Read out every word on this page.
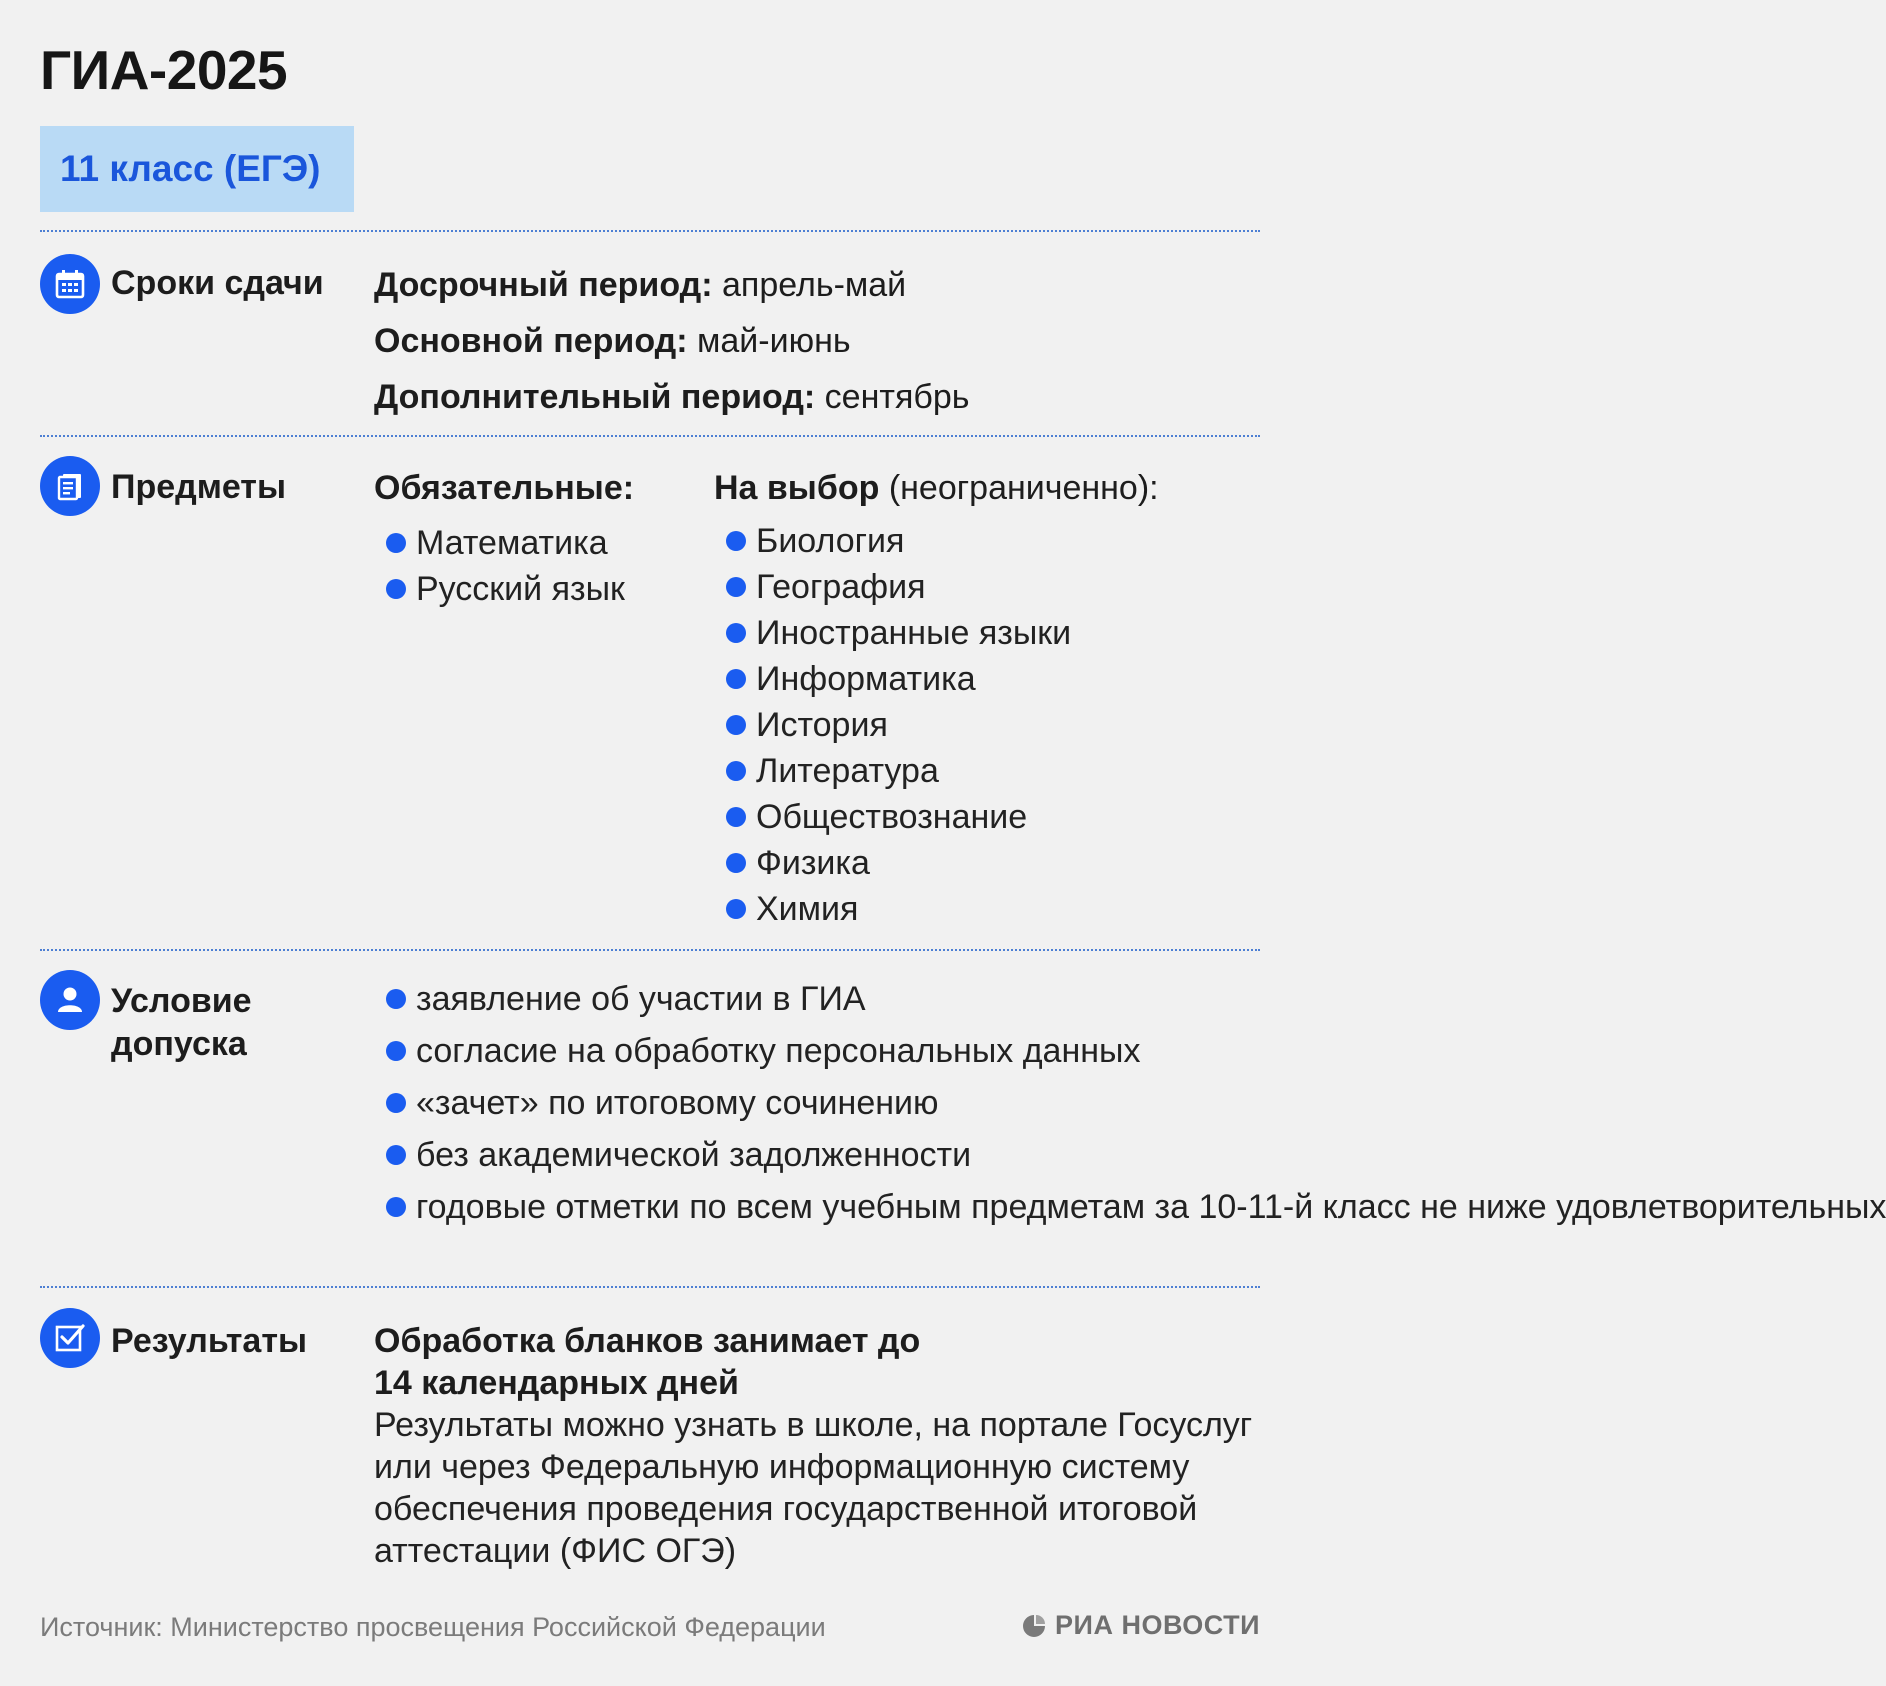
ГИА-2025
11 класс (ЕГЭ)
Сроки сдачи	Досрочный период: апрель-май
Основной период: май-июнь
Дополнительный период: сентябрь
Предметы	Обязательные:
Математика
Русский язык
На выбор (неограниченно):
Биология
География
Иностранные языки
Информатика
История
Литература
Обществознание
Физика
Химия
Условие допуска
заявление об участии в ГИА
согласие на обработку персональных данных
«зачет» по итоговому сочинению
без академической задолженности
годовые отметки по всем учебным предметам за 10-11-й класс не ниже удовлетворительных
Результаты	Обработка бланков занимает до 14 календарных дней
Результаты можно узнать в школе, на портале Госуслуг или через Федеральную информационную систему обеспечения проведения государственной итоговой аттестации (ФИС ОГЭ)
Источник: Министерство просвещения Российской Федерации	РИА НОВОСТИ
